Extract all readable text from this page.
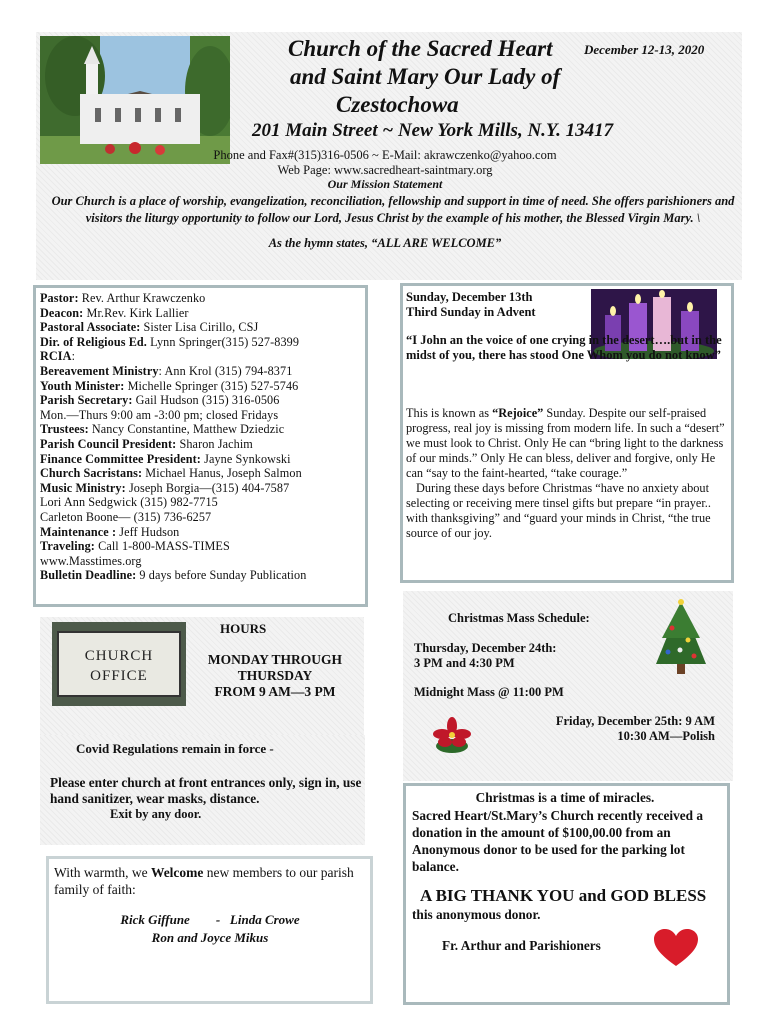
Church of the Sacred Heart
and Saint Mary Our Lady of
Czestochowa
December 12-13, 2020
201 Main Street ~ New York Mills, N.Y. 13417
Phone and Fax#(315)316-0506 ~ E-Mail: akrawczenko@yahoo.com
Web Page: www.sacredheart-saintmary.org
Our Mission Statement
Our Church is a place of worship, evangelization, reconciliation, fellowship and support in time of need. She offers parishioners and visitors the liturgy opportunity to follow our Lord, Jesus Christ by the example of his mother, the Blessed Virgin Mary. \
As the hymn states, “ALL ARE WELCOME”
Pastor: Rev. Arthur Krawczenko
Deacon: Mr.Rev. Kirk Lallier
Pastoral Associate: Sister Lisa Cirillo, CSJ
Dir. of Religious Ed. Lynn Springer(315) 527-8399
RCIA:
Bereavement Ministry: Ann Krol (315) 794-8371
Youth Minister: Michelle Springer (315) 527-5746
Parish Secretary: Gail Hudson (315) 316-0506
Mon.—Thurs 9:00 am -3:00 pm; closed Fridays
Trustees: Nancy Constantine, Matthew Dziedzic
Parish Council President: Sharon Jachim
Finance Committee President: Jayne Synkowski
Church Sacristans: Michael Hanus, Joseph Salmon
Music Ministry: Joseph Borgia—(315) 404-7587
Lori Ann Sedgwick (315) 982-7715
Carleton Boone— (315) 736-6257
Maintenance : Jeff Hudson
Traveling: Call 1-800-MASS-TIMES
www.Masstimes.org
Bulletin Deadline: 9 days before Sunday Publication
Sunday, December 13th
Third Sunday in Advent
“I John an the voice of one crying in the desert….but in the midst of you, there has stood One Whom you do not know”

This is known as “Rejoice” Sunday. Despite our self-praised progress, real joy is missing from modern life. In such a “desert” we must look to Christ. Only He can “bring light to the darkness of our minds.” Only He can bless, deliver and forgive, only He can “say to the faint-hearted, “take courage.”

During these days before Christmas “have no anxiety about selecting or receiving mere tinsel gifts but prepare “in prayer.. with thanksgiving” and “guard your minds in Christ, “the true source of our joy.

CHURCH
OFFICE
HOURS
MONDAY THROUGH
THURSDAY
FROM 9 AM—3 PM
Covid Regulations remain in force -
Please enter church at front entrances only, sign in, use hand sanitizer, wear masks, distance.
Exit by any door.
With warmth, we Welcome new members to our parish family of faith:
Rick Giffune        -   Linda Crowe
Ron and Joyce Mikus
Christmas Mass Schedule:
Thursday, December 24th:
3 PM and 4:30 PM
Midnight Mass @ 11:00 PM
Friday, December 25th: 9 AM
10:30 AM—Polish
Christmas is a time of miracles.
Sacred Heart/St.Mary’s Church recently received a donation in the amount of $100,00.00 from an Anonymous donor to be used for the parking lot balance.
A BIG THANK YOU and GOD BLESS
this anonymous donor.
Fr. Arthur and Parishioners
